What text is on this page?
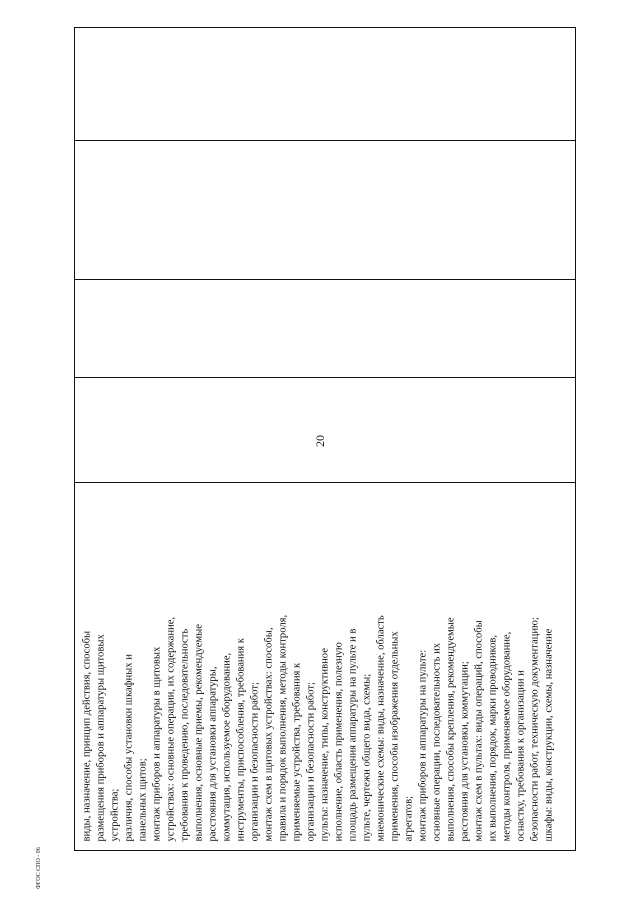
20

виды, назначение, принцип действия, способы размещения приборов и аппаратуры щитовых устройства; различия, способы установки шкафных и панельных щитов; монтаж приборов и аппаратуры в щитовых устройствах: основные операции, их содержание, требования к проведению, последовательность выполнения, основные приемы, рекомендуемые расстояния для установки аппаратуры, коммутация, используемое оборудование, инструменты, приспособления, требования к организации и безопасности работ; монтаж схем в щитовых устройствах: способы, правила и порядок выполнения, методы контроля, применяемые устройства, требования к организации и безопасности работ; пульты: назначение, типы, конструктивное исполнение, область применения, полезную площадь размещения аппаратуры на пульте и в пульте, чертежи общего вида, схемы; мнемонические схемы: виды, назначение, область применения, способы изображения отдельных агрегатов; монтаж приборов и аппаратуры на пульте: основные операции, последовательность их выполнения, способы крепления, рекомендуемые расстояния для установки, коммутации; монтаж схем в пультах: виды операций, способы их выполнения, порядок, марки проводников, методы контроля, применяемое оборудование, оснастку, требования к организации и безопасности работ, техническую документацию; шкафы: виды, конструкции, схемы, назначение

ФГОС СПО - 06
